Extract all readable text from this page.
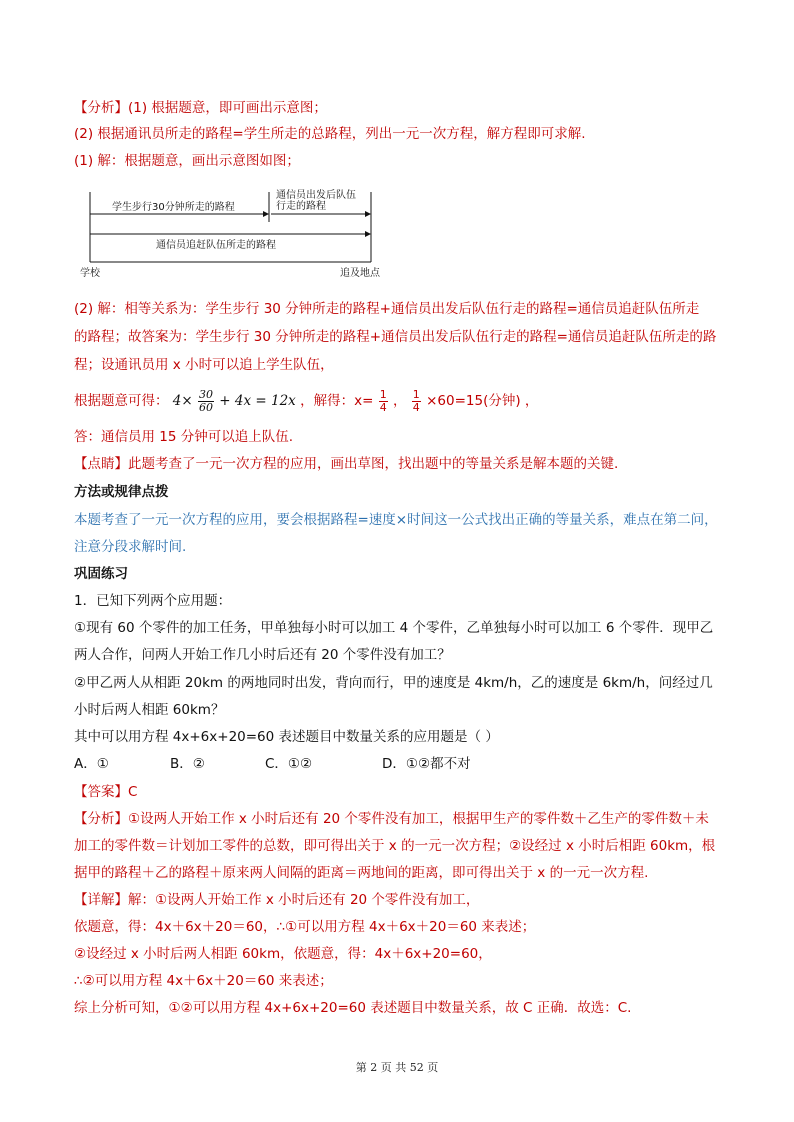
【分析】(1) 根据题意，即可画出示意图；
(2) 根据通讯员所走的路程=学生所走的总路程，列出一元一次方程，解方程即可求解.
(1) 解：根据题意，画出示意图如图；
学生步行30分钟所走的路程
通信员出发后队伍
行走的路程
通信员追赶队伍所走的路程
学校	追及地点
(2) 解：相等关系为：学生步行 30 分钟所走的路程+通信员出发后队伍行走的路程=通信员追赶队伍所走
的路程；故答案为：学生步行 30 分钟所走的路程+通信员出发后队伍行走的路程=通信员追赶队伍所走的路
程；设通讯员用 x 小时可以追上学生队伍，
根据题意可得： $4\times \frac{30}{60} + 4x = 12x$ ，解得：$x= \frac{1}{4}$ ， $\frac{1}{4} \times 60=15$(分钟) ，
答：通信员用 15 分钟可以追上队伍.
【点睛】此题考查了一元一次方程的应用，画出草图，找出题中的等量关系是解本题的关键.
方法或规律点拨
本题考查了一元一次方程的应用，要会根据路程=速度×时间这一公式找出正确的等量关系，难点在第二问，
注意分段求解时间.
巩固练习
1．已知下列两个应用题：
①现有 60 个零件的加工任务，甲单独每小时可以加工 4 个零件，乙单独每小时可以加工 6 个零件．现甲乙
两人合作，问两人开始工作几小时后还有 20 个零件没有加工？
②甲乙两人从相距 20km 的两地同时出发，背向而行，甲的速度是 4km/h，乙的速度是 6km/h，问经过几
小时后两人相距 60km？
其中可以用方程 4x+6x+20=60 表述题目中数量关系的应用题是（ ）
A．①	B．②	C．①②	D．①②都不对
【答案】C
【分析】①设两人开始工作 x 小时后还有 20 个零件没有加工，根据甲生产的零件数＋乙生产的零件数＋未
加工的零件数＝计划加工零件的总数，即可得出关于 x 的一元一次方程；②设经过 x 小时后相距 60km，根
据甲的路程＋乙的路程＋原来两人间隔的距离＝两地间的距离，即可得出关于 x 的一元一次方程.
【详解】解：①设两人开始工作 x 小时后还有 20 个零件没有加工，
依题意，得：4x＋6x＋20＝60，∴①可以用方程 4x＋6x＋20＝60 来表述；
②设经过 x 小时后两人相距 60km，依题意，得：4x＋6x+20=60，
∴②可以用方程 4x＋6x＋20＝60 来表述；
综上分析可知，①②可以用方程 4x+6x+20=60 表述题目中数量关系，故 C 正确．故选：C.
第 2 页 共 52 页
